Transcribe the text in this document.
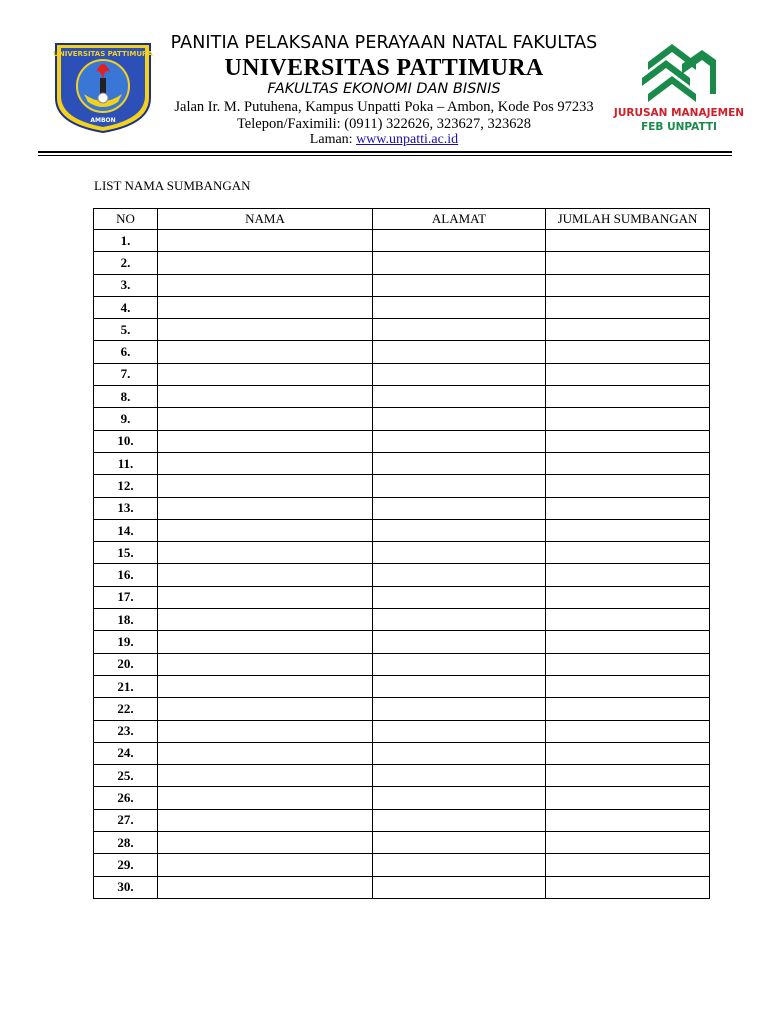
UNIVERSITAS PATTIMURA
AMBON
PANITIA PELAKSANA PERAYAAN NATAL FAKULTAS
UNIVERSITAS PATTIMURA
FAKULTAS EKONOMI DAN BISNIS
Jalan Ir. M. Putuhena, Kampus Unpatti Poka – Ambon, Kode Pos 97233
Telepon/Faximili: (0911) 322626, 323627, 323628
Laman: www.unpatti.ac.id
JURUSAN MANAJEMEN
FEB UNPATTI
LIST NAMA SUMBANGAN
NO	NAMA	ALAMAT	JUMLAH SUMBANGAN
1.			
2.			
3.			
4.			
5.			
6.			
7.			
8.			
9.			
10.			
11.			
12.			
13.			
14.			
15.			
16.			
17.			
18.			
19.			
20.			
21.			
22.			
23.			
24.			
25.			
26.			
27.			
28.			
29.			
30.			
